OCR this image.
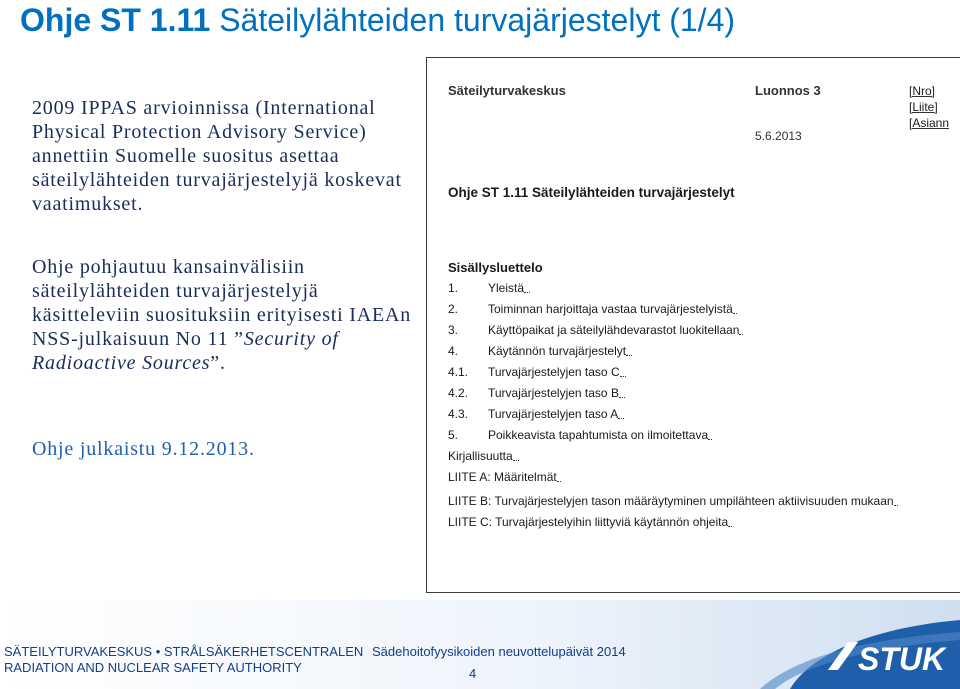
Ohje ST 1.11 Säteilylähteiden turvajärjestelyt (1/4)
2009 IPPAS arvioinnissa (International Physical Protection Advisory Service) annettiin Suomelle suositus asettaa säteilylähteiden turvajärjestelyjä koskevat vaatimukset.
Ohje pohjautuu kansainvälisiin säteilylähteiden turvajärjestelyjä käsitteleviin suosituksiin erityisesti IAEAn NSS-julkaisuun No 11 ”Security of Radioactive Sources”.
Ohje julkaistu 9.12.2013.
Säteilyturvakeskus	Luonnos 3
5.6.2013
[Nro]
[Liite]
[Asiann
Ohje ST 1.11 Säteilylähteiden turvajärjestelyt
Sisällysluettelo
1.	Yleistä
2.	Toiminnan harjoittaja vastaa turvajärjestelyistä
3.	Käyttöpaikat ja säteilylähdevarastot luokitellaan
4.	Käytännön turvajärjestelyt
4.1.	Turvajärjestelyjen taso C
4.2.	Turvajärjestelyjen taso B
4.3.	Turvajärjestelyjen taso A
5.	Poikkeavista tapahtumista on ilmoitettava
Kirjallisuutta
LIITE A: Määritelmät
LIITE B: Turvajärjestelyjen tason määräytyminen umpilähteen aktiivisuuden mukaan
LIITE C: Turvajärjestelyihin liittyviä käytännön ohjeita
SÄTEILYTURVAKESKUS • STRÅLSÄKERHETSCENTRALEN
RADIATION AND NUCLEAR SAFETY AUTHORITY
Sädehoitofyysikoiden neuvottelupäivät 2014
4	STUK
